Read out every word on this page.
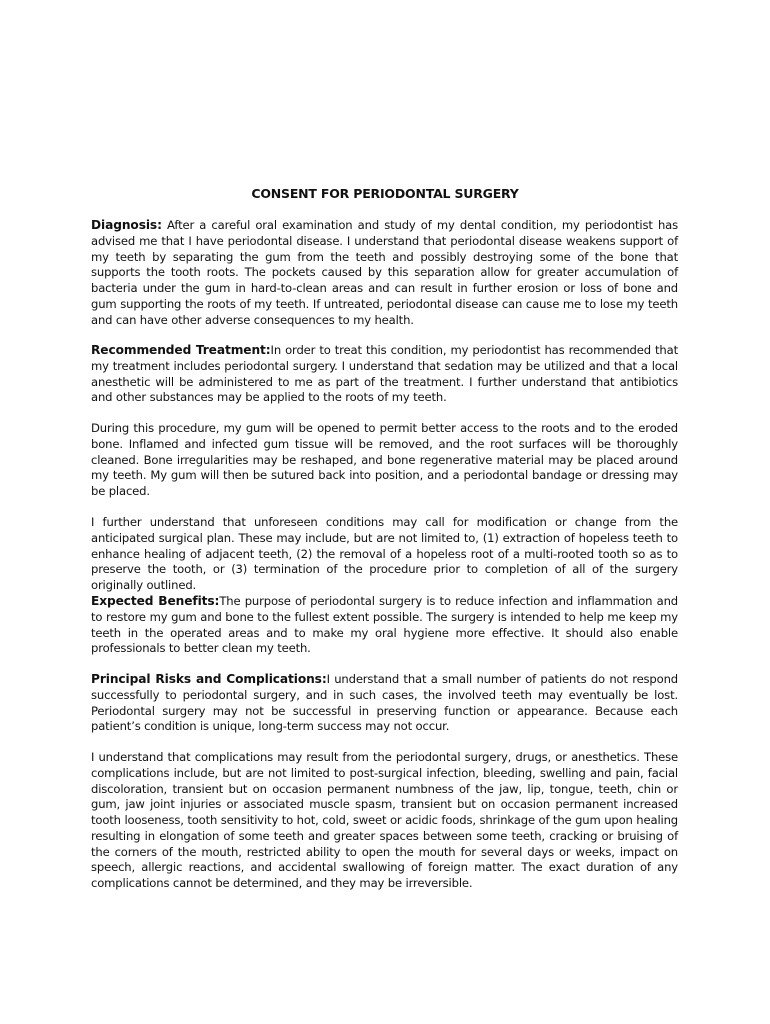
CONSENT FOR PERIODONTAL SURGERY

Diagnosis: After a careful oral examination and study of my dental condition, my periodontist has advised me that I have periodontal disease. I understand that periodontal disease weakens support of my teeth by separating the gum from the teeth and possibly destroying some of the bone that supports the tooth roots. The pockets caused by this separation allow for greater accumulation of bacteria under the gum in hard-to-clean areas and can result in further erosion or loss of bone and gum supporting the roots of my teeth. If untreated, periodontal disease can cause me to lose my teeth and can have other adverse consequences to my health.

Recommended Treatment:In order to treat this condition, my periodontist has recommended that my treatment includes periodontal surgery. I understand that sedation may be utilized and that a local anesthetic will be administered to me as part of the treatment. I further understand that antibiotics and other substances may be applied to the roots of my teeth.

During this procedure, my gum will be opened to permit better access to the roots and to the eroded bone. Inflamed and infected gum tissue will be removed, and the root surfaces will be thoroughly cleaned. Bone irregularities may be reshaped, and bone regenerative material may be placed around my teeth. My gum will then be sutured back into position, and a periodontal bandage or dressing may be placed.

I further understand that unforeseen conditions may call for modification or change from the anticipated surgical plan. These may include, but are not limited to, (1) extraction of hopeless teeth to enhance healing of adjacent teeth, (2) the removal of a hopeless root of a multi-rooted tooth so as to preserve the tooth, or (3) termination of the procedure prior to completion of all of the surgery originally outlined.

Expected Benefits:The purpose of periodontal surgery is to reduce infection and inflammation and to restore my gum and bone to the fullest extent possible. The surgery is intended to help me keep my teeth in the operated areas and to make my oral hygiene more effective. It should also enable professionals to better clean my teeth.

Principal Risks and Complications:I understand that a small number of patients do not respond successfully to periodontal surgery, and in such cases, the involved teeth may eventually be lost. Periodontal surgery may not be successful in preserving function or appearance. Because each patient’s condition is unique, long-term success may not occur.

I understand that complications may result from the periodontal surgery, drugs, or anesthetics. These complications include, but are not limited to post-surgical infection, bleeding, swelling and pain, facial discoloration, transient but on occasion permanent numbness of the jaw, lip, tongue, teeth, chin or gum, jaw joint injuries or associated muscle spasm, transient but on occasion permanent increased tooth looseness, tooth sensitivity to hot, cold, sweet or acidic foods, shrinkage of the gum upon healing resulting in elongation of some teeth and greater spaces between some teeth, cracking or bruising of the corners of the mouth, restricted ability to open the mouth for several days or weeks, impact on speech, allergic reactions, and accidental swallowing of foreign matter. The exact duration of any complications cannot be determined, and they may be irreversible.
